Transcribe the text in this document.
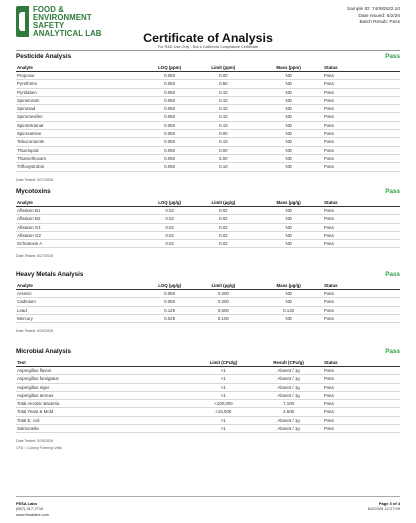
FOOD &
ENVIRONMENT
SAFETY
ANALYTICAL LAB
Sample ID: 74060522.10
Date Issued: 6/2/26
Batch Result: Pass
Certificate of Analysis
For R&D Use Only - Not a California Compliance Certificate
Pesticide Analysis	Pass
Analyte	LOQ (ppm)	Limit (ppm)	Mass (ppm)	Status
Propoxur	0.050	0.00	ND	Pass
Pyrethrins	0.050	0.50	ND	Pass
Pyridaben	0.050	0.10	ND	Pass
Spinetoram	0.050	0.10	ND	Pass
Spinosad	0.050	0.10	ND	Pass
Spiromesifen	0.050	0.10	ND	Pass
Spirotetramat	0.050	0.10	ND	Pass
Spiroxamine	0.050	0.00	ND	Pass
Tebuconazole	0.050	0.10	ND	Pass
Thiacloprid	0.050	0.00	ND	Pass
Thiamethoxam	0.050	5.00	ND	Pass
Trifloxystrobin	0.050	0.10	ND	Pass
Date Tested: 5/27/2026
Mycotoxins	Pass
Analyte	LOQ (µg/g)	Limit (µg/g)	Mass (µg/g)	Status
Aflatoxin B1	0.02	0.02	ND	Pass
Aflatoxin B2	0.02	0.02	ND	Pass
Aflatoxin G1	0.02	0.02	ND	Pass
Aflatoxin G2	0.02	0.02	ND	Pass
Ochratoxin A	0.02	0.02	ND	Pass
Date Tested: 5/27/2026
Heavy Metals Analysis	Pass
Analyte	LOQ (µg/g)	Limit (µg/g)	Mass (µg/g)	Status
Arsenic	0.050	0.200	ND	Pass
Cadmium	0.050	0.200	ND	Pass
Lead	0.125	0.500	0.132	Pass
Mercury	0.025	0.100	ND	Pass
Date Tested: 5/29/2026
Microbial Analysis	Pass
Test	Limit (CFU/g)	Result (CFU/g)	Status
Aspergillus flavus	<1	Absent / 1g	Pass
Aspergillus fumigatus	<1	Absent / 1g	Pass
Aspergillus niger	<1	Absent / 1g	Pass
Aspergillus terreus	<1	Absent / 1g	Pass
Total Aerobic Bacteria	<100,000	7,100	Pass
Total Yeast & Mold	<10,000	4,500	Pass
Total E. coli	<1	Absent / 1g	Pass
Salmonella	<1	Absent / 1g	Pass
Date Tested: 5/29/2026
CFU = Colony Forming Units
FESA Labs
(657) 317-7716
www.fesalabs.com
Page 3 of 4
6/2/2026 12:27:09
